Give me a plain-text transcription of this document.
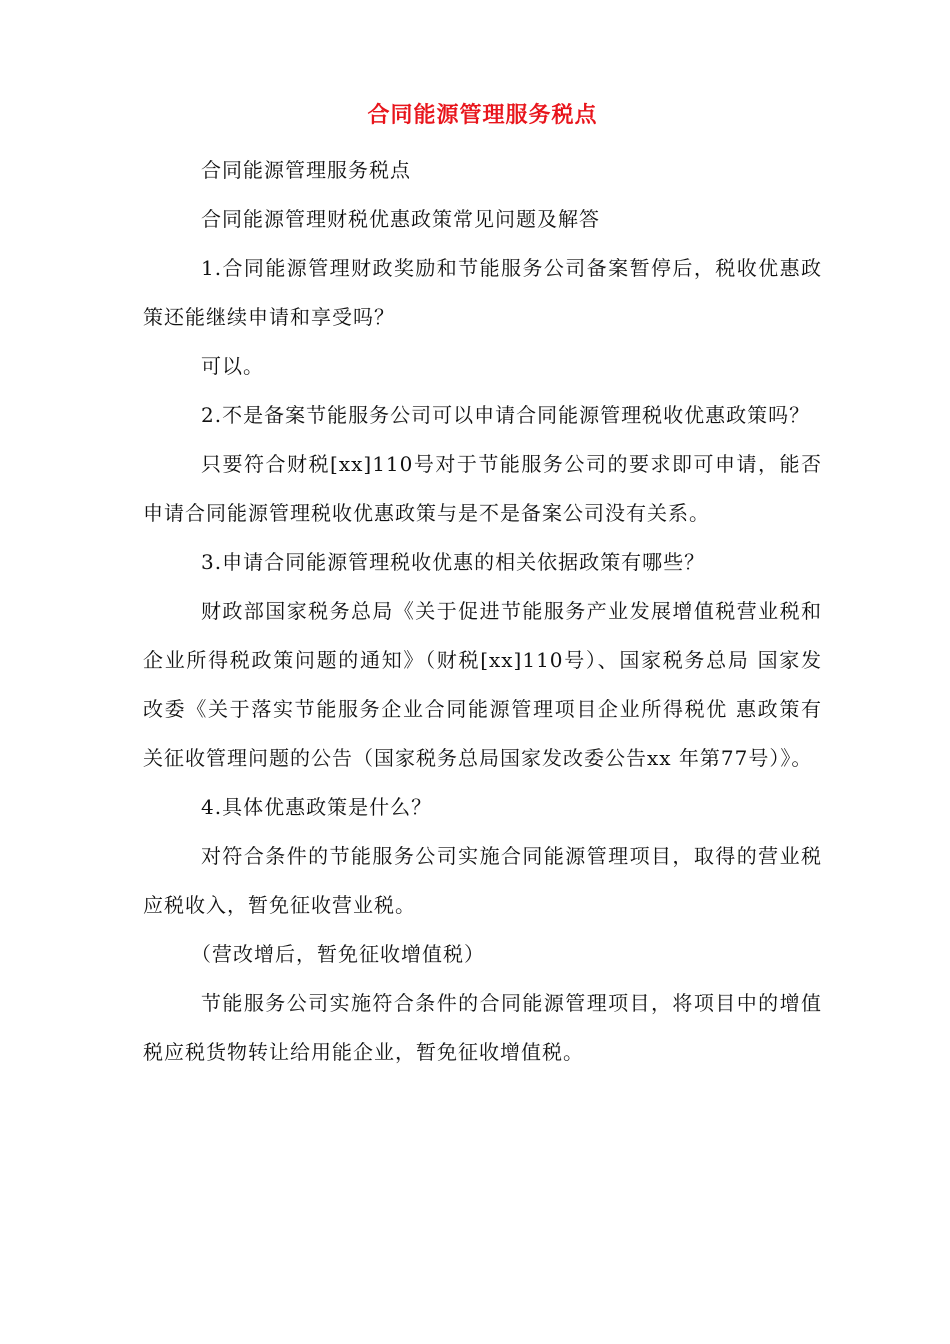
合同能源管理服务税点

合同能源管理服务税点

合同能源管理财税优惠政策常见问题及解答

1.合同能源管理财政奖励和节能服务公司备案暂停后，税收优惠政策还能继续申请和享受吗？

可以。

2.不是备案节能服务公司可以申请合同能源管理税收优惠政策吗？

只要符合财税[xx]110号对于节能服务公司的要求即可申请，能否申请合同能源管理税收优惠政策与是不是备案公司没有关系。

3.申请合同能源管理税收优惠的相关依据政策有哪些？

财政部国家税务总局《关于促进节能服务产业发展增值税营业税和企业所得税政策问题的通知》（财税[xx]110号）、国家税务总局 国家发改委《关于落实节能服务企业合同能源管理项目企业所得税优 惠政策有关征收管理问题的公告（国家税务总局国家发改委公告xx 年第77号）》。

4.具体优惠政策是什么？

对符合条件的节能服务公司实施合同能源管理项目，取得的营业税应税收入，暂免征收营业税。

（营改增后，暂免征收增值税）

节能服务公司实施符合条件的合同能源管理项目，将项目中的增值税应税货物转让给用能企业，暂免征收增值税。
